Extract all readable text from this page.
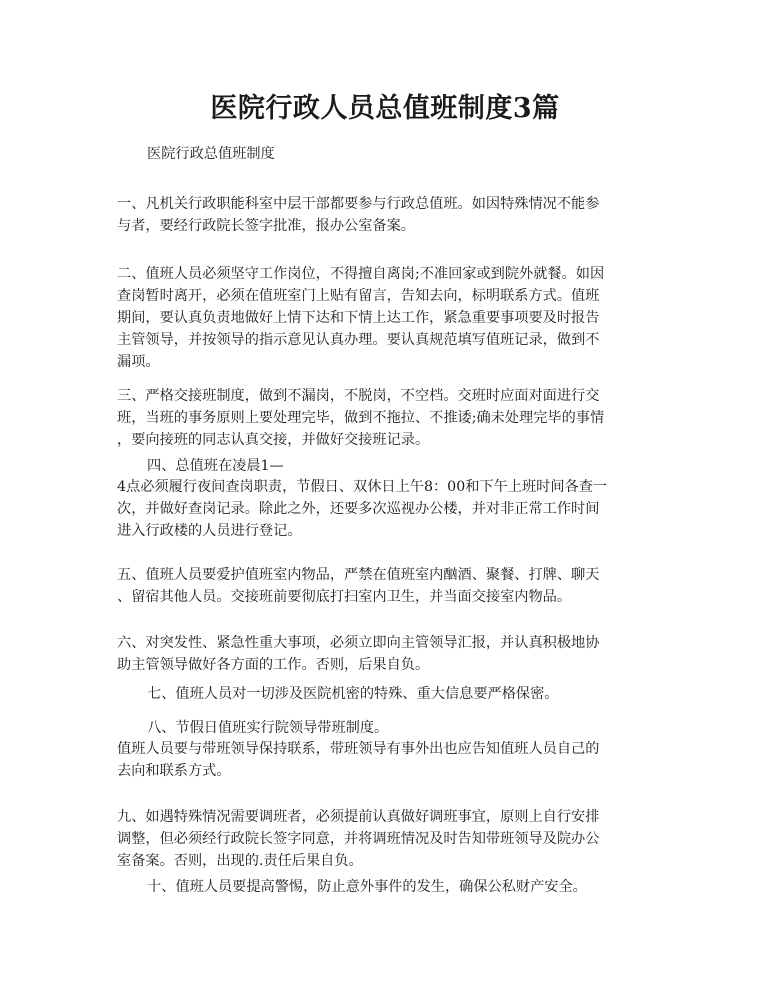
医院行政人员总值班制度3篇

医院行政总值班制度

一、凡机关行政职能科室中层干部都要参与行政总值班。如因特殊情况不能参
与者，要经行政院长签字批准，报办公室备案。

二、值班人员必须坚守工作岗位，不得擅自离岗;不准回家或到院外就餐。如因
查岗暂时离开，必须在值班室门上贴有留言，告知去向，标明联系方式。值班
期间，要认真负责地做好上情下达和下情上达工作，紧急重要事项要及时报告
主管领导，并按领导的指示意见认真办理。要认真规范填写值班记录，做到不
漏项。

三、严格交接班制度，做到不漏岗，不脱岗，不空档。交班时应面对面进行交
班，当班的事务原则上要处理完毕，做到不拖拉、不推诿;确未处理完毕的事情
，要向接班的同志认真交接，并做好交接班记录。

四、总值班在凌晨1—

4点必须履行夜间查岗职责，节假日、双休日上午8：00和下午上班时间各查一
次，并做好查岗记录。除此之外，还要多次巡视办公楼，并对非正常工作时间
进入行政楼的人员进行登记。

五、值班人员要爱护值班室内物品，严禁在值班室内酗酒、聚餐、打牌、聊天
、留宿其他人员。交接班前要彻底打扫室内卫生，并当面交接室内物品。

六、对突发性、紧急性重大事项，必须立即向主管领导汇报，并认真积极地协
助主管领导做好各方面的工作。否则，后果自负。

七、值班人员对一切涉及医院机密的特殊、重大信息要严格保密。

八、节假日值班实行院领导带班制度。

值班人员要与带班领导保持联系，带班领导有事外出也应告知值班人员自己的
去向和联系方式。

九、如遇特殊情况需要调班者，必须提前认真做好调班事宜，原则上自行安排
调整，但必须经行政院长签字同意，并将调班情况及时告知带班领导及院办公
室备案。否则，出现的.责任后果自负。

十、值班人员要提高警惕，防止意外事件的发生，确保公私财产安全。
